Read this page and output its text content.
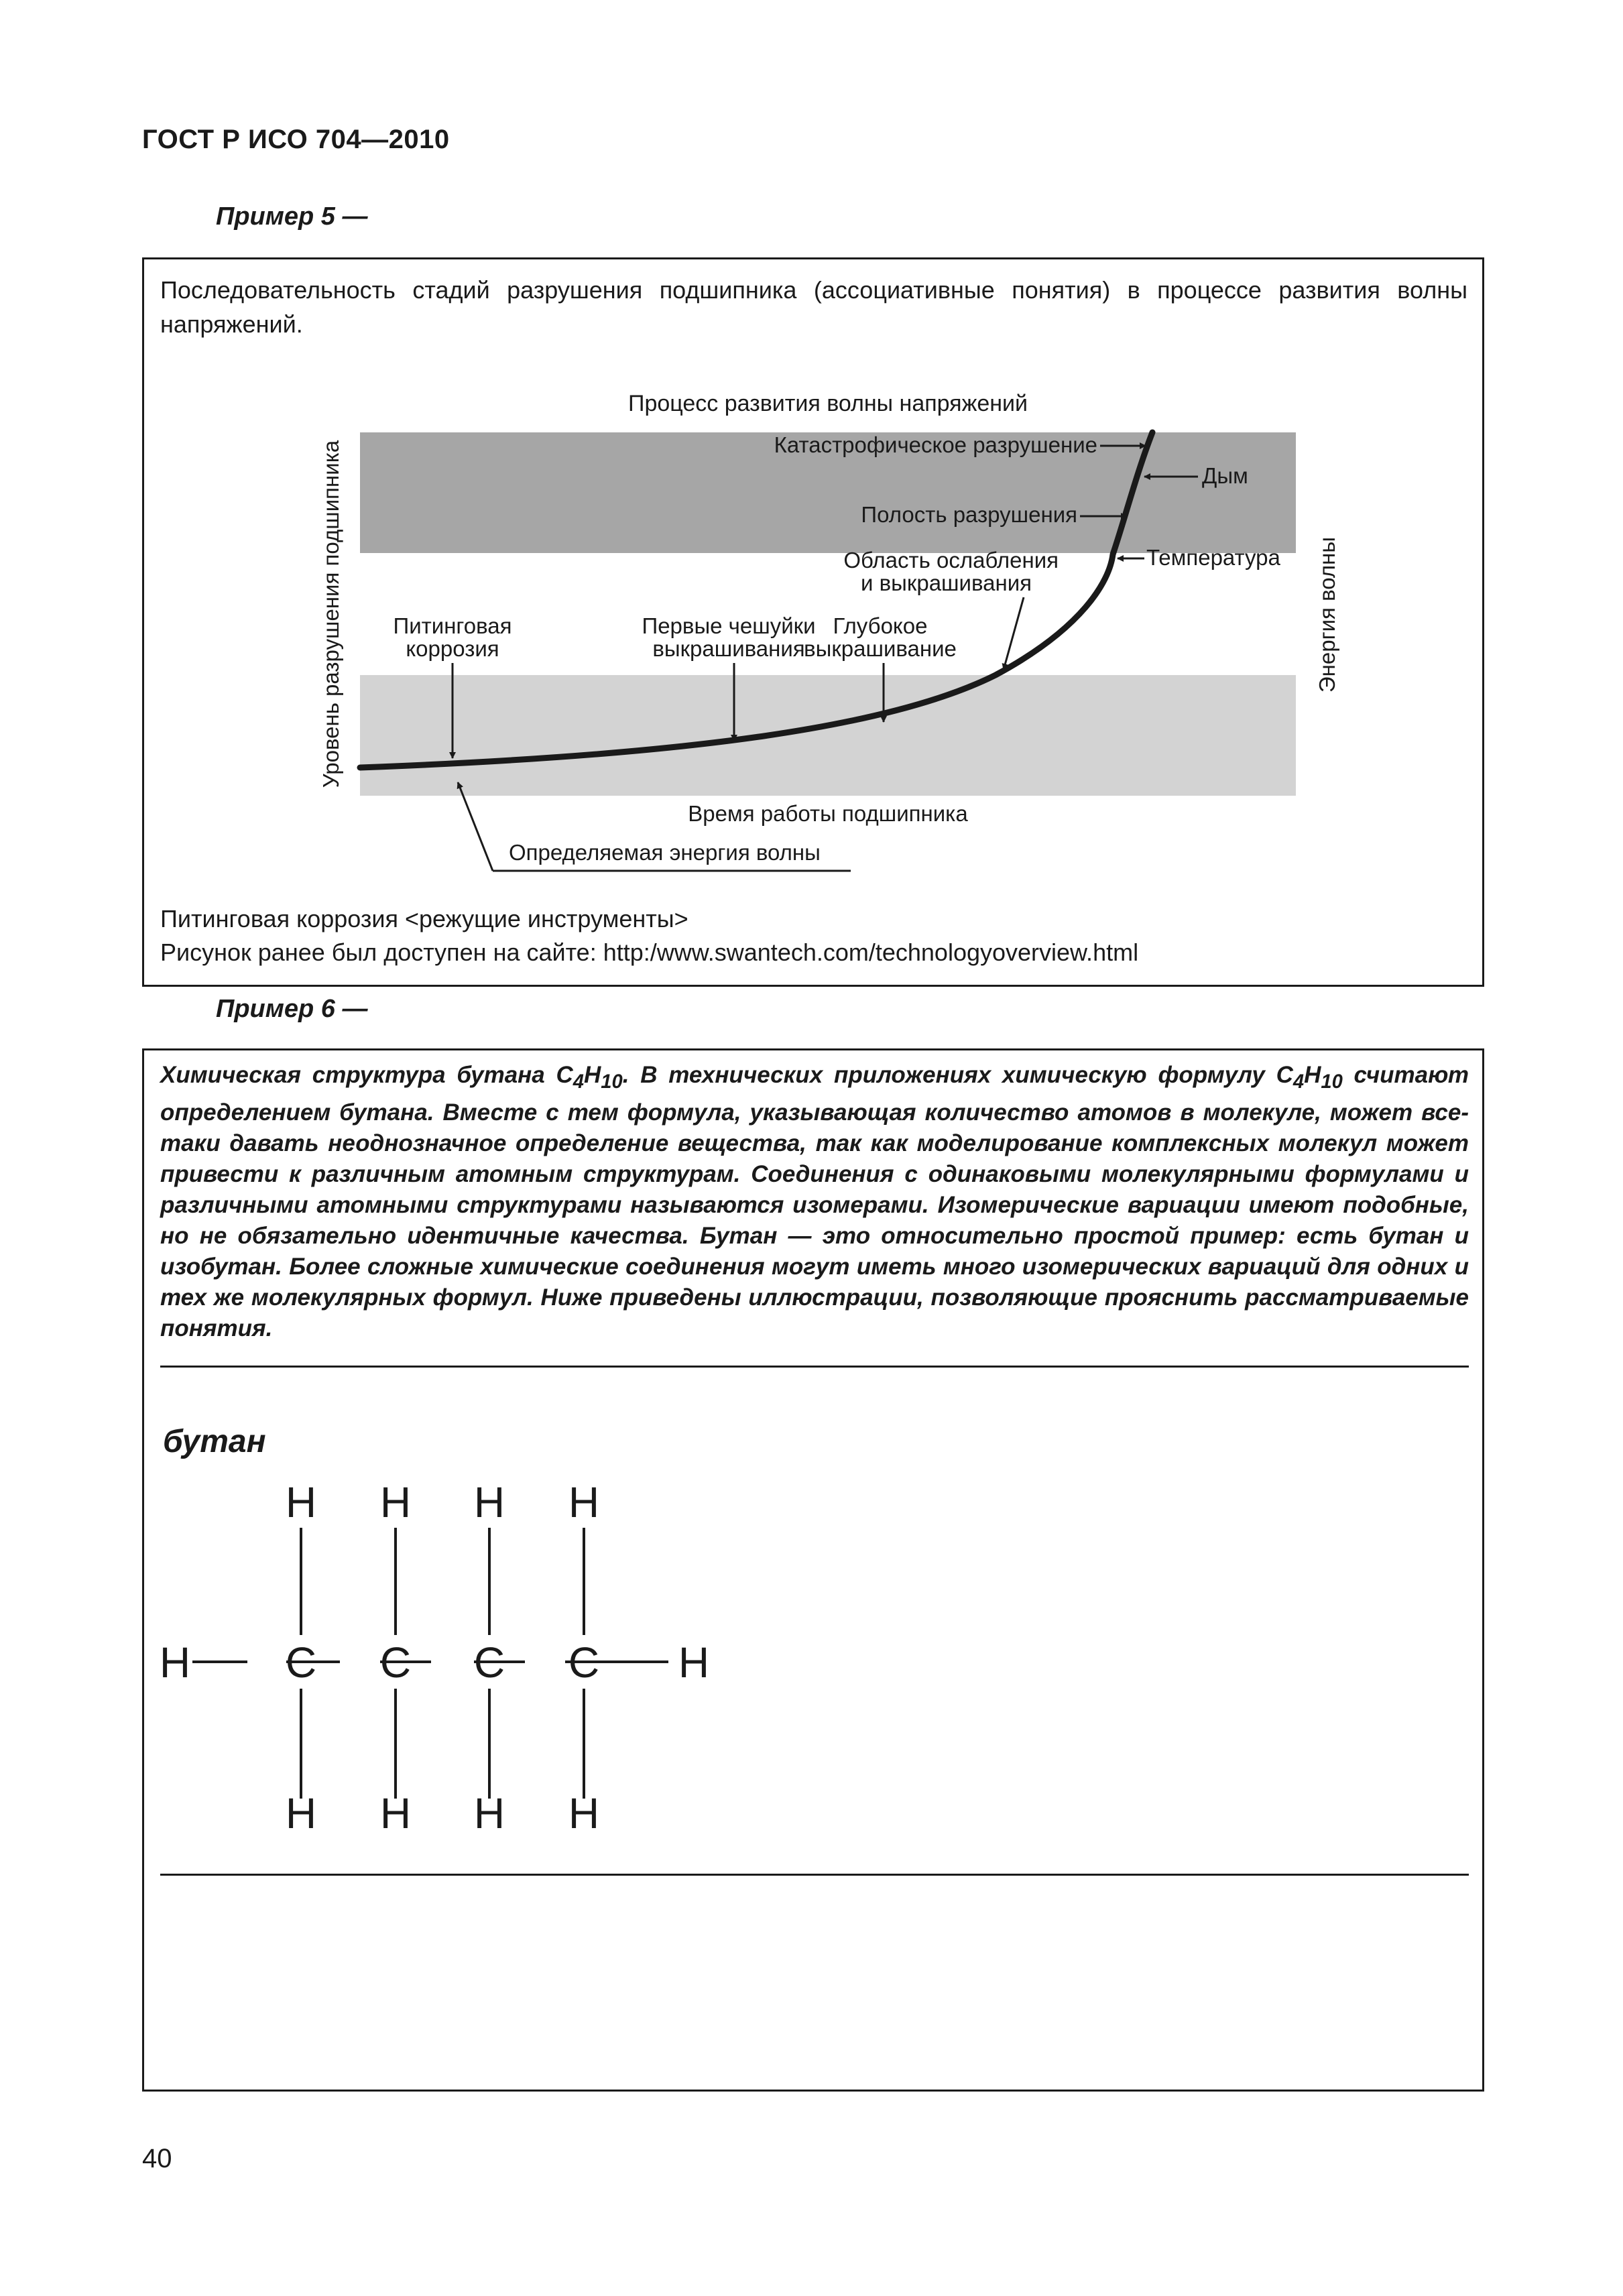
ГОСТ Р ИСО 704—2010
Пример 5 —
Последовательность стадий разрушения подшипника (ассоциативные понятия) в процессе развития волны напряжений.
Процесс развития волны напряжений
Уровень разрушения подшипника	Энергия волны
Катастрофическое разрушение
Дым
Полость разрушения
Температура
Область ослабления
и выкрашивания
Питинговая
коррозия
Первые чешуйки
выкрашивания
Глубокое
выкрашивание
Время работы подшипника
Определяемая энергия волны
Питинговая коррозия <режущие инструменты>
Рисунок ранее был доступен на сайте: http:/www.swantech.com/technologyoverview.html
Пример 6 —
Химическая структура бутана $C_4H_{10}$. В технических приложениях химическую формулу $C_4H_{10}$ считают определением бутана. Вместе с тем формула, указывающая количество атомов в молекуле, может все-таки давать неоднозначное определение вещества, так как моделирование комплексных молекул может привести к различным атомным структурам. Соединения с одинаковыми молекулярными формулами и различными атомными структурами называются изомерами. Изомерические вариации имеют подобные, но не обязательно идентичные качества. Бутан — это относительно простой пример: есть бутан и изобутан. Более сложные химические соединения могут иметь много изомерических вариаций для одних и тех же молекулярных формул. Ниже приведены иллюстрации, позволяющие прояснить рассматриваемые понятия.
бутан
H H H H
H C C C C H
H H H H
40
